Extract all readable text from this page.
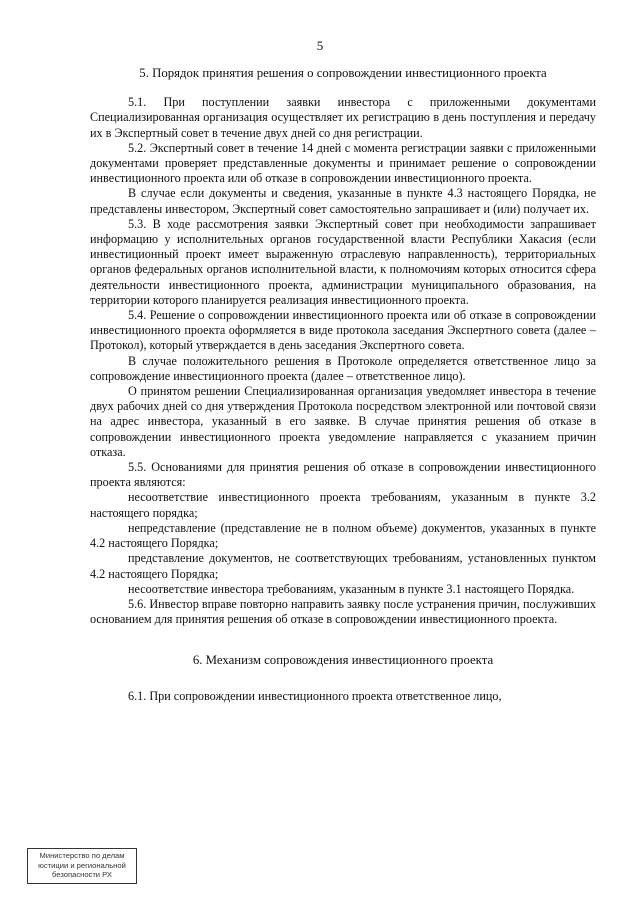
5
5. Порядок принятия решения о сопровождении инвестиционного проекта

5.1. При поступлении заявки инвестора с приложенными документами Специализированная организация осуществляет их регистрацию в день поступления и передачу их в Экспертный совет в течение двух дней со дня регистрации.

5.2. Экспертный совет в течение 14 дней с момента регистрации заявки с приложенными документами проверяет представленные документы и принимает решение о сопровождении инвестиционного проекта или об отказе в сопровождении инвестиционного проекта.

В случае если документы и сведения, указанные в пункте 4.3 настоящего Порядка, не представлены инвестором, Экспертный совет самостоятельно запрашивает и (или) получает их.

5.3. В ходе рассмотрения заявки Экспертный совет при необходимости запрашивает информацию у исполнительных органов государственной власти Республики Хакасия (если инвестиционный проект имеет выраженную отраслевую направленность), территориальных органов федеральных органов исполнительной власти, к полномочиям которых относится сфера деятельности инвестиционного проекта, администрации муниципального образования, на территории которого планируется реализация инвестиционного проекта.

5.4. Решение о сопровождении инвестиционного проекта или об отказе в сопровождении инвестиционного проекта оформляется в виде протокола заседания Экспертного совета (далее – Протокол), который утверждается в день заседания Экспертного совета.

В случае положительного решения в Протоколе определяется ответственное лицо за сопровождение инвестиционного проекта (далее – ответственное лицо).

О принятом решении Специализированная организация уведомляет инвестора в течение двух рабочих дней со дня утверждения Протокола посредством электронной или почтовой связи на адрес инвестора, указанный в его заявке. В случае принятия решения об отказе в сопровождении инвестиционного проекта уведомление направляется с указанием причин отказа.

5.5. Основаниями для принятия решения об отказе в сопровождении инвестиционного проекта являются:

несоответствие инвестиционного проекта требованиям, указанным в пункте 3.2 настоящего порядка;

непредставление (представление не в полном объеме) документов, указанных в пункте 4.2 настоящего Порядка;

представление документов, не соответствующих требованиям, установленных пунктом 4.2 настоящего Порядка;

несоответствие инвестора требованиям, указанным в пункте 3.1 настоящего Порядка.

5.6. Инвестор вправе повторно направить заявку после устранения причин, послуживших основанием для принятия решения об отказе в сопровождении инвестиционного проекта.

6. Механизм сопровождения инвестиционного проекта

6.1. При сопровождении инвестиционного проекта ответственное лицо,

Министерство по делам
юстиции и региональной
безопасности РХ
